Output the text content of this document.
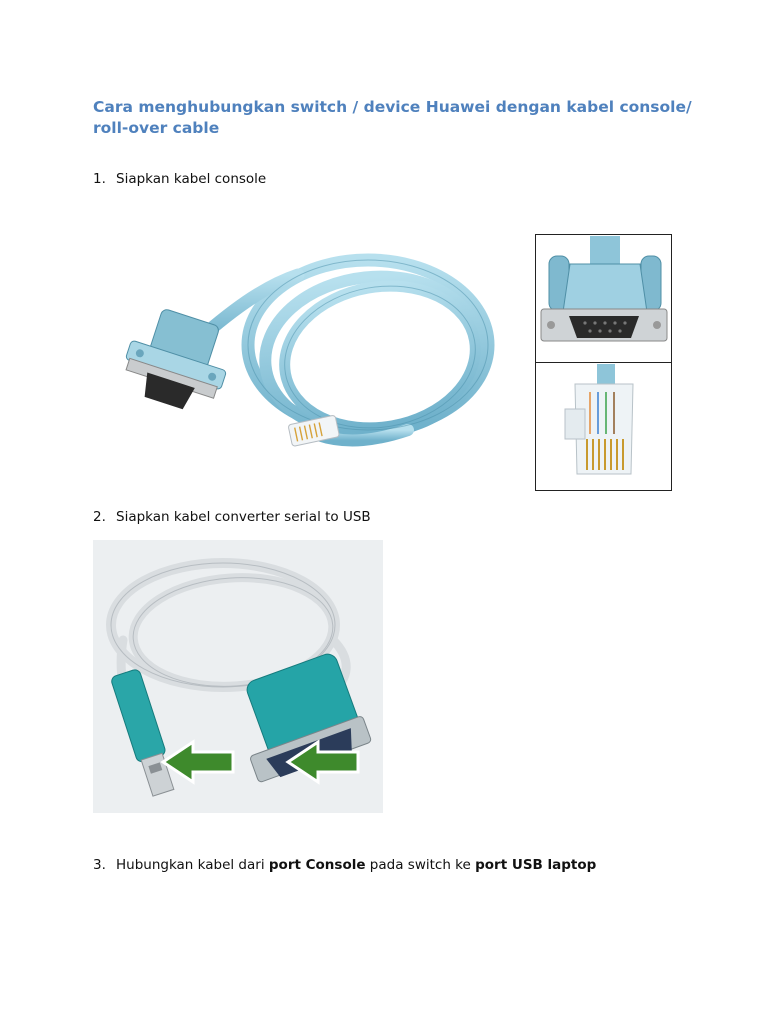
Cara menghubungkan switch / device Huawei dengan kabel console/ roll-over cable
1. Siapkan kabel console
2. Siapkan kabel converter serial to USB
3. Hubungkan kabel dari port Console pada switch ke port USB laptop
